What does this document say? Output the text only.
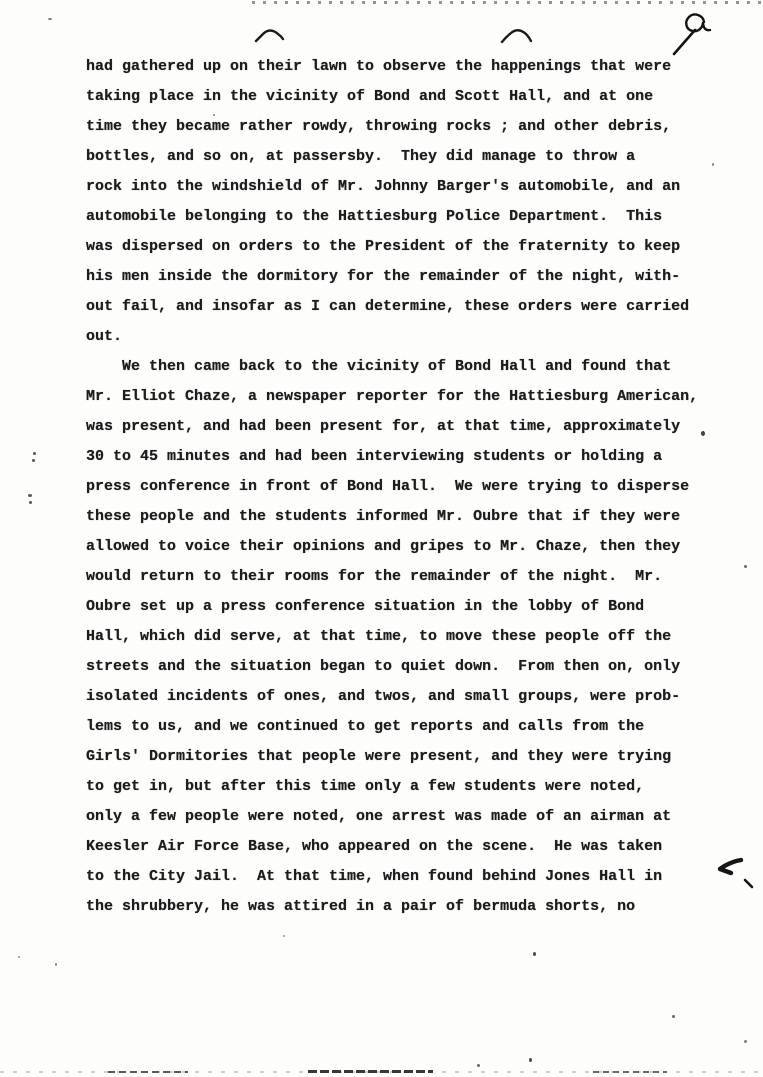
had gathered up on their lawn to observe the happenings that were
taking place in the vicinity of Bond and Scott Hall, and at one
time they became rather rowdy, throwing rocks ; and other debris,
bottles, and so on, at passersby.  They did manage to throw a
rock into the windshield of Mr. Johnny Barger's automobile, and an
automobile belonging to the Hattiesburg Police Department.  This
was dispersed on orders to the President of the fraternity to keep
his men inside the dormitory for the remainder of the night, with-
out fail, and insofar as I can determine, these orders were carried
out.
We then came back to the vicinity of Bond Hall and found that
Mr. Elliot Chaze, a newspaper reporter for the Hattiesburg American,
was present, and had been present for, at that time, approximately
30 to 45 minutes and had been interviewing students or holding a
press conference in front of Bond Hall.  We were trying to disperse
these people and the students informed Mr. Oubre that if they were
allowed to voice their opinions and gripes to Mr. Chaze, then they
would return to their rooms for the remainder of the night.  Mr.
Oubre set up a press conference situation in the lobby of Bond
Hall, which did serve, at that time, to move these people off the
streets and the situation began to quiet down.  From then on, only
isolated incidents of ones, and twos, and small groups, were prob-
lems to us, and we continued to get reports and calls from the
Girls' Dormitories that people were present, and they were trying
to get in, but after this time only a few students were noted,
only a few people were noted, one arrest was made of an airman at
Keesler Air Force Base, who appeared on the scene.  He was taken
to the City Jail.  At that time, when found behind Jones Hall in
the shrubbery, he was attired in a pair of bermuda shorts, no
